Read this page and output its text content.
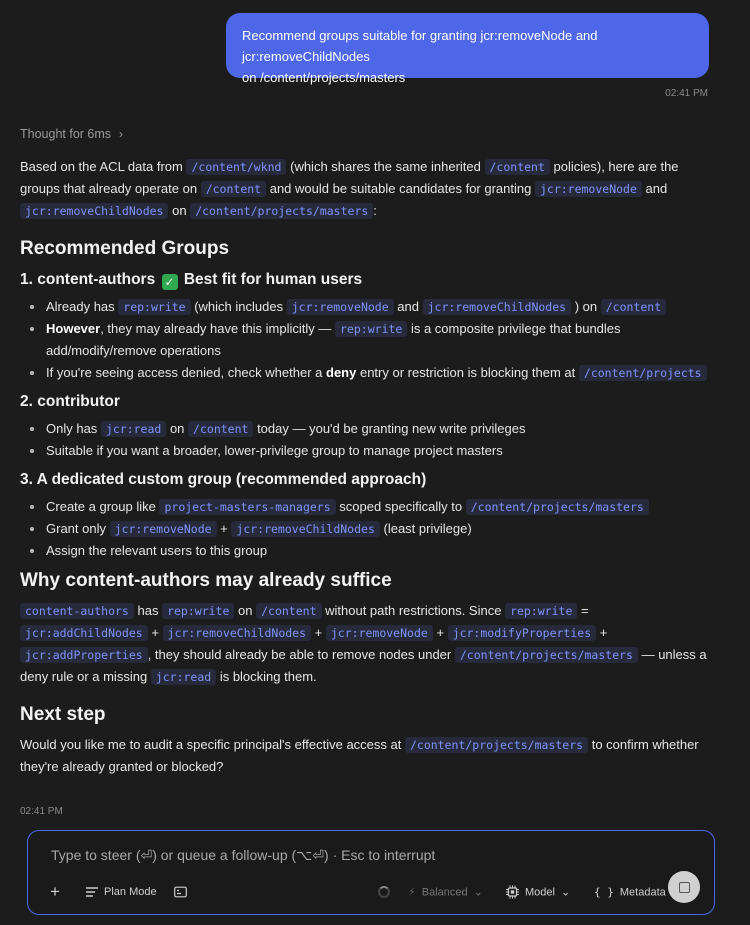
Recommend groups suitable for granting jcr:removeNode and jcr:removeChildNodes
on /content/projects/masters
02:41 PM
Thought for 6ms ›

Based on the ACL data from /content/wknd (which shares the same inherited /content policies), here are the groups that already operate on /content and would be suitable candidates for granting jcr:removeNode and jcr:removeChildNodes on /content/projects/masters :

Recommended Groups
1. content-authors ✓ Best fit for human users
Already has rep:write (which includes jcr:removeNode and jcr:removeChildNodes ) on /content
However, they may already have this implicitly — rep:write is a composite privilege that bundles add/modify/remove operations
If you're seeing access denied, check whether a deny entry or restriction is blocking them at /content/projects
2. contributor
Only has jcr:read on /content today — you'd be granting new write privileges
Suitable if you want a broader, lower-privilege group to manage project masters
3. A dedicated custom group (recommended approach)
Create a group like project-masters-managers scoped specifically to /content/projects/masters
Grant only jcr:removeNode + jcr:removeChildNodes (least privilege)
Assign the relevant users to this group
Why content-authors may already suffice

content-authors has rep:write on /content without path restrictions. Since rep:write = jcr:addChildNodes + jcr:removeChildNodes + jcr:removeNode + jcr:modifyProperties + jcr:addProperties , they should already be able to remove nodes under /content/projects/masters — unless a deny rule or a missing jcr:read is blocking them.

Next step

Would you like me to audit a specific principal's effective access at /content/projects/masters to confirm whether they're already granted or blocked?

02:41 PM
Type to steer (⏎) or queue a follow-up (⌥⏎) · Esc to interrupt
+	Plan Mode	⚡ Balanced ⌄	Model ⌄ { } Metadata
